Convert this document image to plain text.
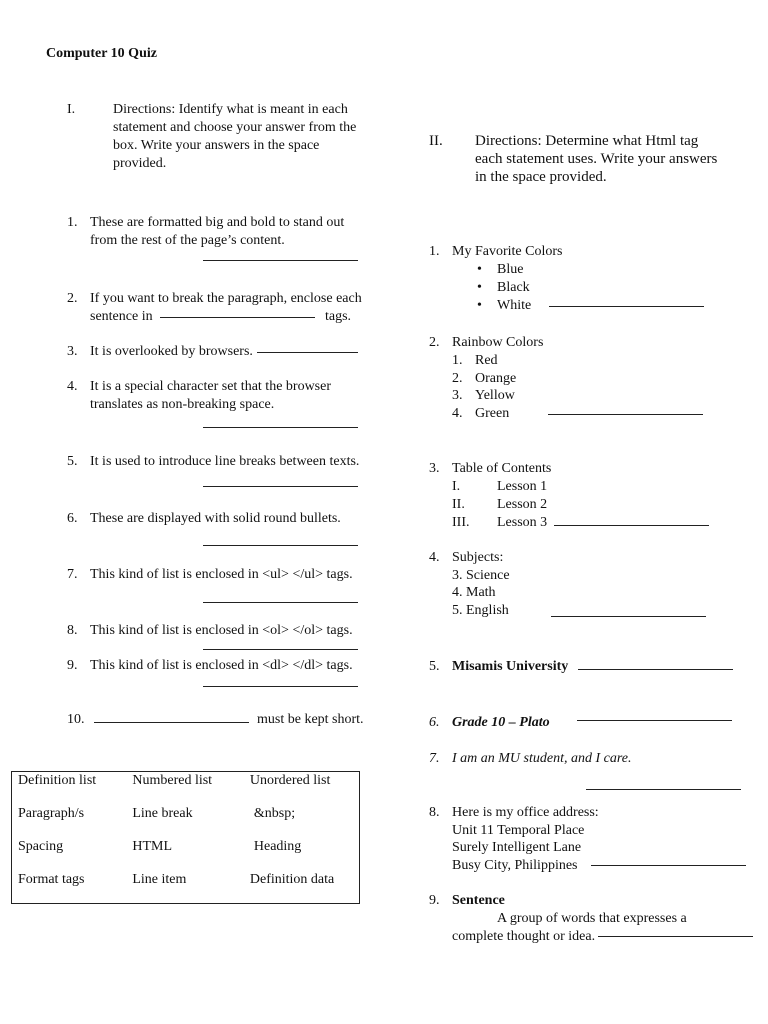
Computer 10 Quiz
I.	Directions: Identify what is meant in each
statement and choose your answer from the
box. Write your answers in the space
provided.
1. These are formatted big and bold to stand out
from the rest of the page’s content.
2. If you want to break the paragraph, enclose each
sentence in	tags.
3. It is overlooked by browsers.
4. It is a special character set that the browser
translates as non-breaking space.
5. It is used to introduce line breaks between texts.
6. These are displayed with solid round bullets.
7. This kind of list is enclosed in <ul> </ul> tags.
8. This kind of list is enclosed in <ol> </ol> tags.
9. This kind of list is enclosed in <dl> </dl> tags.
10.	must be kept short.
Definition list	Numbered list	Unordered list
Paragraph/s	Line break	&nbsp;
Spacing	HTML	Heading
Format tags	Line item	Definition data
II. Directions: Determine what Html tag
each statement uses. Write your answers
in the space provided.
1. My Favorite Colors
• Blue
• Black
• White
2. Rainbow Colors
1. Red
2. Orange
3. Yellow
4. Green
3. Table of Contents
I.	Lesson 1
II. Lesson 2
III. Lesson 3
4. Subjects:
3. Science
4. Math
5. English
5. Misamis University
6. Grade 10 – Plato
7. I am an MU student, and I care.
8. Here is my office address:
Unit 11 Temporal Place
Surely Intelligent Lane
Busy City, Philippines
9. Sentence
A group of words that expresses a
complete thought or idea.
